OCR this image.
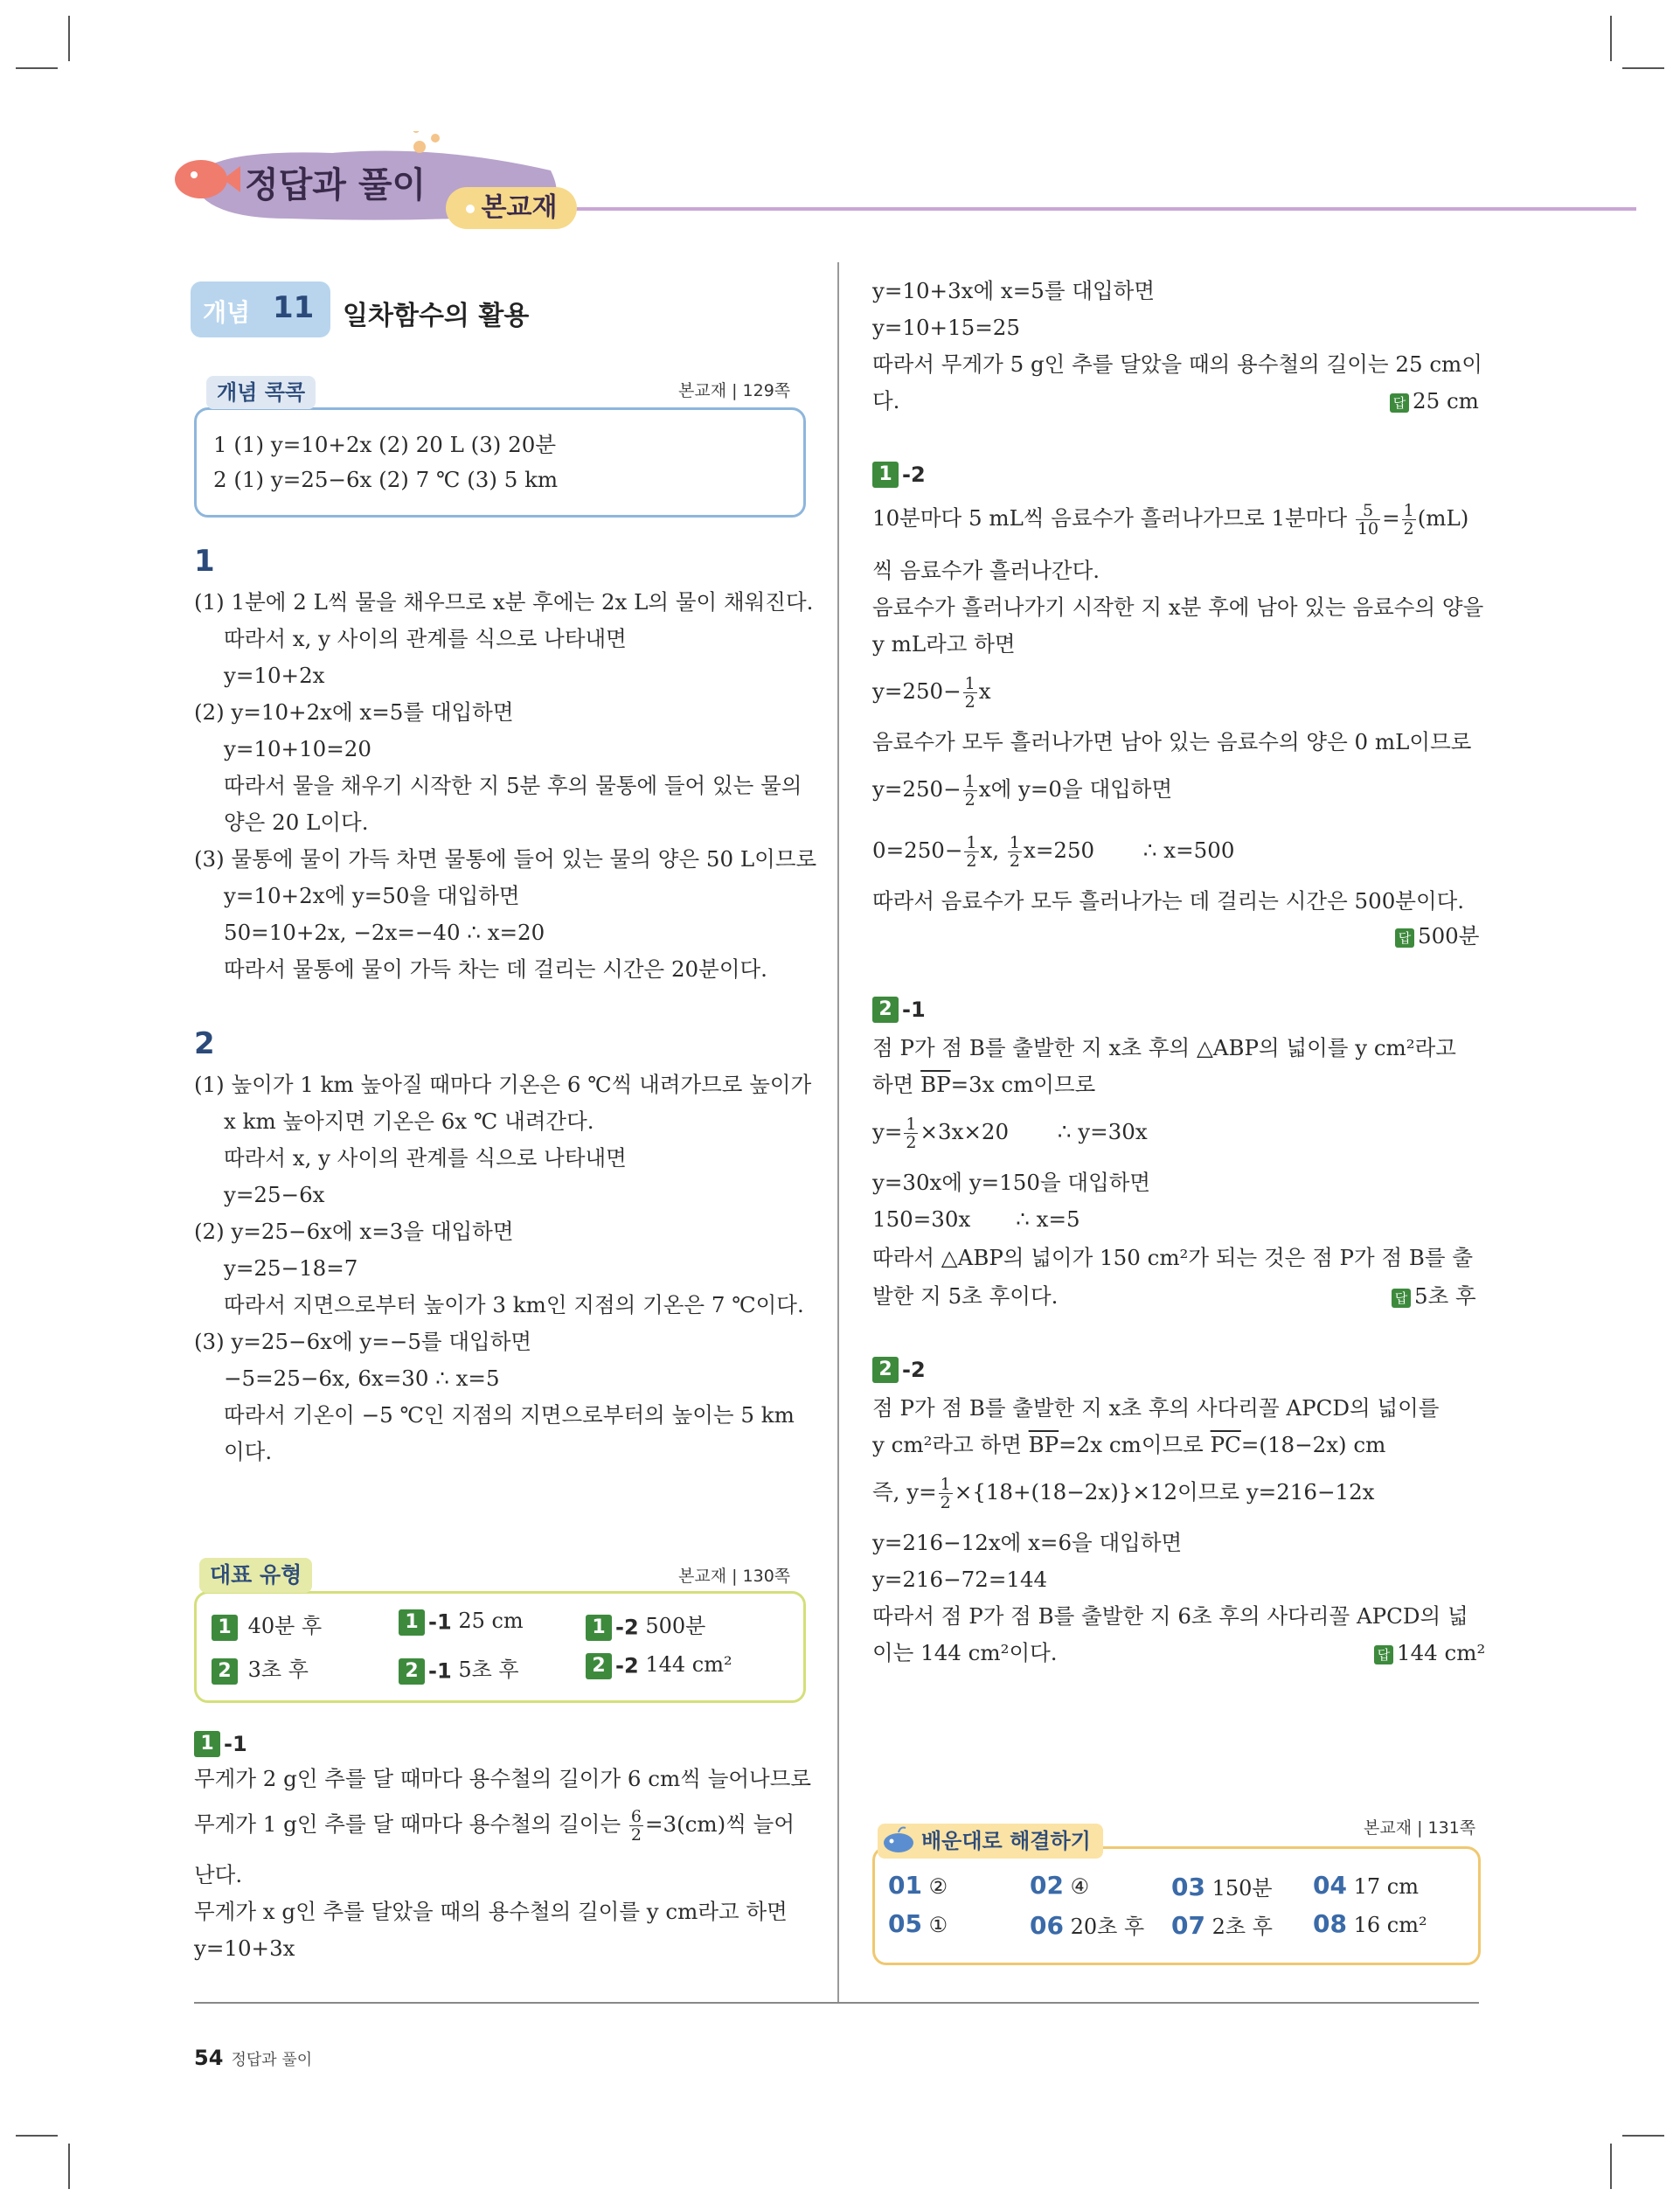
정답과 풀이
본교재
개념 11 일차함수의 활용
개념 콕콕	본교재 | 129쪽
1 (1) y=10+2x (2) 20 L (3) 20분
2 (1) y=25−6x (2) 7 ℃ (3) 5 km
1
(1) 1분에 2 L씩 물을 채우므로 x분 후에는 2x L의 물이 채워진다.
따라서 x, y 사이의 관계를 식으로 나타내면
y=10+2x
(2) y=10+2x에 x=5를 대입하면
y=10+10=20
따라서 물을 채우기 시작한 지 5분 후의 물통에 들어 있는 물의
양은 20 L이다.
(3) 물통에 물이 가득 차면 물통에 들어 있는 물의 양은 50 L이므로
y=10+2x에 y=50을 대입하면
50=10+2x, −2x=−40 ∴ x=20
따라서 물통에 물이 가득 차는 데 걸리는 시간은 20분이다.
2
(1) 높이가 1 km 높아질 때마다 기온은 6 ℃씩 내려가므로 높이가
x km 높아지면 기온은 6x ℃ 내려간다.
따라서 x, y 사이의 관계를 식으로 나타내면
y=25−6x
(2) y=25−6x에 x=3을 대입하면
y=25−18=7
따라서 지면으로부터 높이가 3 km인 지점의 기온은 7 ℃이다.
(3) y=25−6x에 y=−5를 대입하면
−5=25−6x, 6x=30 ∴ x=5
따라서 기온이 −5 ℃인 지점의 지면으로부터의 높이는 5 km
이다.
대표 유형	본교재 | 130쪽
1 40분 후	1 -1 25 cm	1 -2 500분
2 3초 후	2 -1 5초 후	2 -2 144 cm²
1 -1
무게가 2 g인 추를 달 때마다 용수철의 길이가 6 cm씩 늘어나므로
무게가 1 g인 추를 달 때마다 용수철의 길이는 $\frac{6}{2} =3(cm)$씩 늘어
난다.
무게가 x g인 추를 달았을 때의 용수철의 길이를 y cm라고 하면
y=10+3x
y=10+3x에 x=5를 대입하면
y=10+15=25
따라서 무게가 5 g인 추를 달았을 때의 용수철의 길이는 25 cm이
다.	답 25 cm
1 -2
10분마다 5 mL씩 음료수가 흘러나가므로 1분마다 $\frac{5}{10} = \frac{1}{2} (mL)$
씩 음료수가 흘러나간다.
음료수가 흘러나가기 시작한 지 x분 후에 남아 있는 음료수의 양을
y mL라고 하면
$y=250- \frac{1}{2}$ x
음료수가 모두 흘러나가면 남아 있는 음료수의 양은 0 mL이므로
$y=250- \frac{1}{2}$ x에 y=0을 대입하면
$0=250- \frac{1}{2} x$, $\frac{1}{2} x=250$ ∴ x=500
따라서 음료수가 모두 흘러나가는 데 걸리는 시간은 500분이다.
답 500분
2 -1
점 P가 점 B를 출발한 지 x초 후의 △ABP의 넓이를 y cm²라고
하면 $\overline{BP}=3x$ cm이므로
$y= \frac{1}{2} \times 3x\times 20$ ∴ y=30x
y=30x에 y=150을 대입하면
150=30x ∴ x=5
따라서 △ABP의 넓이가 150 cm²가 되는 것은 점 P가 점 B를 출
발한 지 5초 후이다.	답 5초 후
2 -2
점 P가 점 B를 출발한 지 x초 후의 사다리꼴 APCD의 넓이를
y cm²라고 하면 $\overline{BP}=2x$ cm이므로 $\overline{PC}=(18-2x)$ cm
즉, $y= \frac{1}{2} \times\{18+(18-2x)\}\times 12$이므로 y=216−12x
y=216−12x에 x=6을 대입하면
y=216−72=144
따라서 점 P가 점 B를 출발한 지 6초 후의 사다리꼴 APCD의 넓
이는 144 cm²이다.	답 144 cm²
배운대로 해결하기
본교재 | 131쪽
01 ②	02 ④	03 150분 04 17 cm
05 ①	06 20초 후 07 2초 후 08 16 cm²
54 정답과 풀이
